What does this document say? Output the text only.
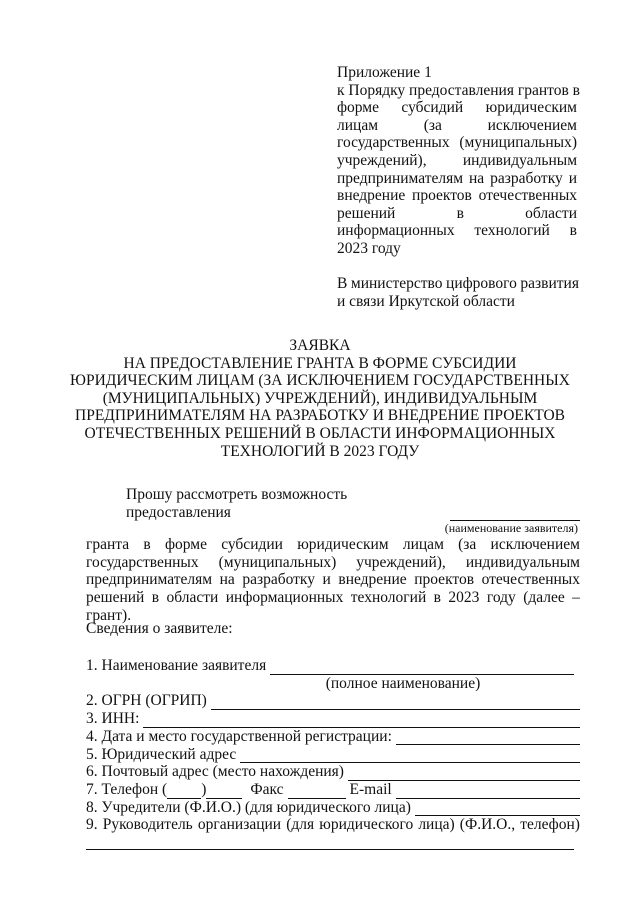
Приложение 1
к Порядку предоставления грантов в
форме субсидий юридическим
лицам	(за	исключением
государственных (муниципальных)
учреждений), индивидуальным
предпринимателям на разработку и
внедрение проектов отечественных
решений	в	области
информационных технологий в
2023 году
В министерство цифрового развития
и связи Иркутской области
ЗАЯВКА
НА ПРЕДОСТАВЛЕНИЕ ГРАНТА В ФОРМЕ СУБСИДИИ
ЮРИДИЧЕСКИМ ЛИЦАМ (ЗА ИСКЛЮЧЕНИЕМ ГОСУДАРСТВЕННЫХ
(МУНИЦИПАЛЬНЫХ) УЧРЕЖДЕНИЙ), ИНДИВИДУАЛЬНЫМ
ПРЕДПРИНИМАТЕЛЯМ НА РАЗРАБОТКУ И ВНЕДРЕНИЕ ПРОЕКТОВ
ОТЕЧЕСТВЕННЫХ РЕШЕНИЙ В ОБЛАСТИ ИНФОРМАЦИОННЫХ
ТЕХНОЛОГИЙ В 2023 ГОДУ
Прошу рассмотреть возможность предоставления
(наименование заявителя)
гранта в форме субсидии юридическим лицам (за исключением
государственных (муниципальных) учреждений), индивидуальным
предпринимателям на разработку и внедрение проектов отечественных
решений в области информационных технологий в 2023 году (далее –
грант).
Сведения о заявителе:
1. Наименование заявителя
(полное наименование)
2. ОГРН (ОГРИП)
3. ИНН:
4. Дата и место государственной регистрации:
5. Юридический адрес
6. Почтовый адрес (место нахождения)
7. Телефон ( )	Факс	E-mail
8. Учредители (Ф.И.О.) (для юридического лица)
9. Руководитель организации (для юридического лица) (Ф.И.О., телефон)
